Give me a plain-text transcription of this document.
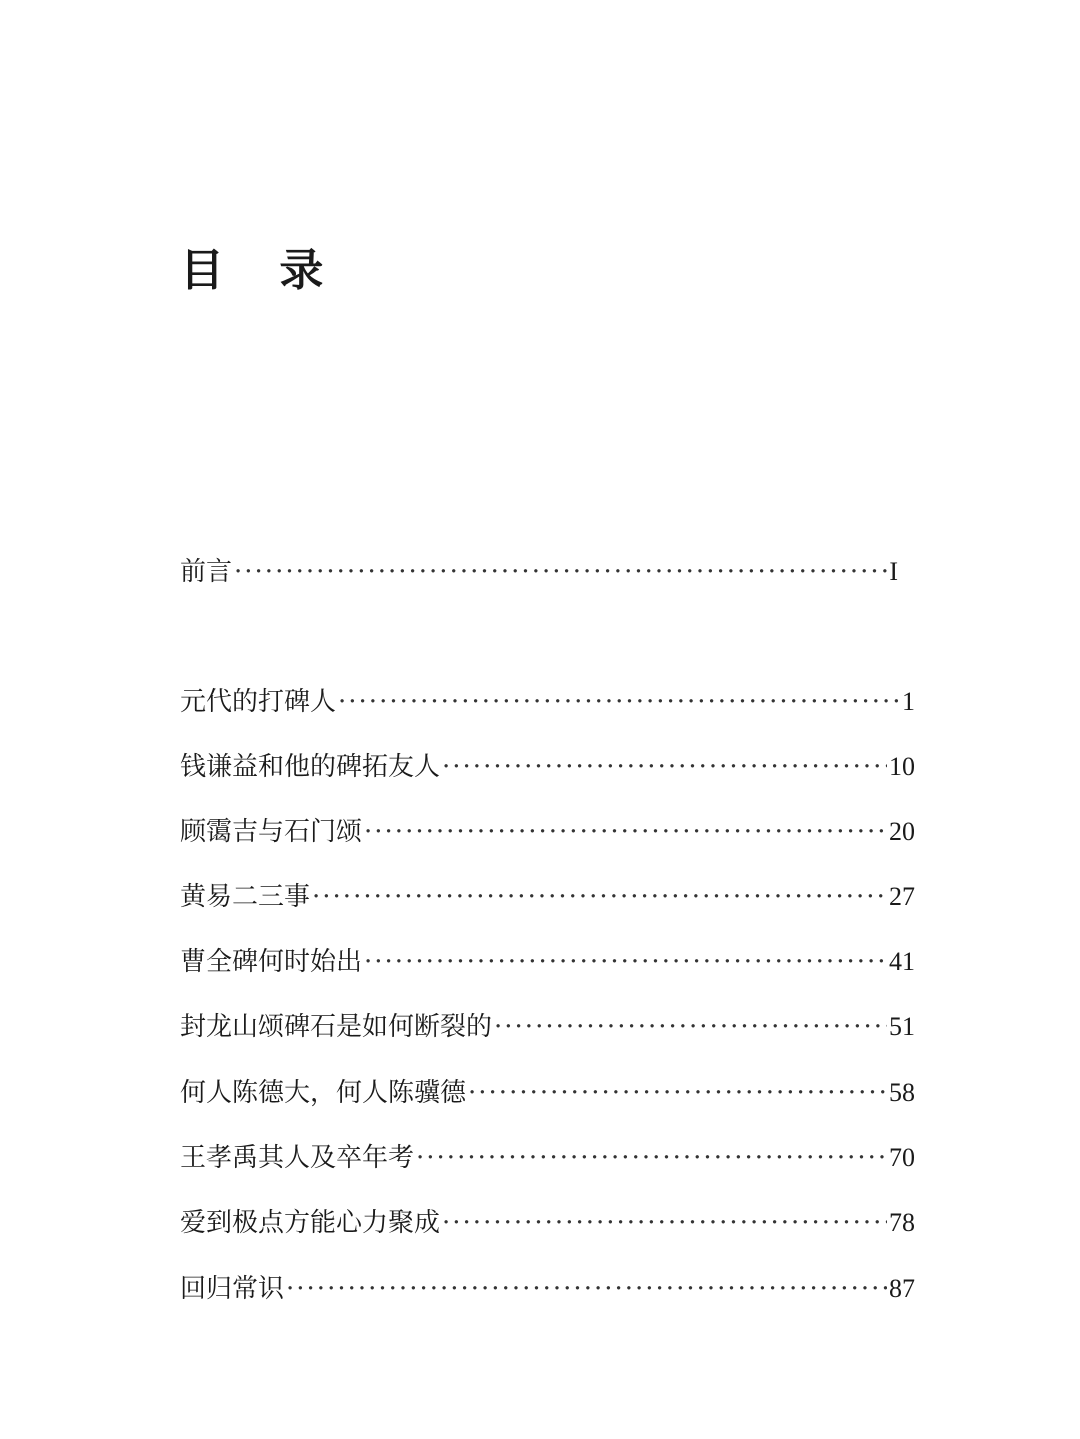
目 录
前言 ·····	I
元代的打碑人 ·····	1
钱谦益和他的碑拓友人 ·····	10
顾霭吉与石门颂 ·····	20
黄易二三事 ·····	27
曹全碑何时始出 ·····	41
封龙山颂碑石是如何断裂的 ·····	51
何人陈德大，何人陈骥德 ·····	58
王孝禹其人及卒年考 ·····	70
爱到极点方能心力聚成 ·····	78
回归常识 ·····	87
